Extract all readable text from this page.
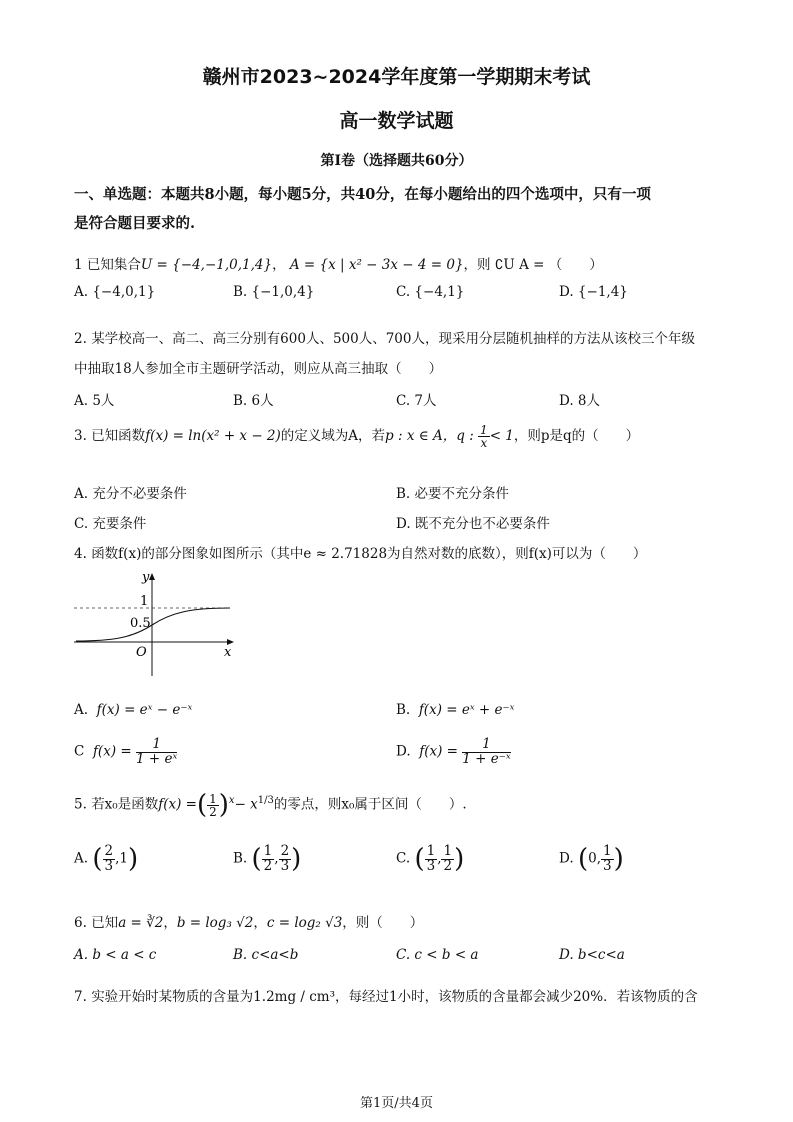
赣州市2023~2024学年度第一学期期末考试
高一数学试题
第Ⅰ卷（选择题共60分）
一、单选题：本题共8小题，每小题5分，共40分，在每小题给出的四个选项中，只有一项
是符合题目要求的.
1 已知集合U = {−4,−1,0,1,4}， A = {x | x² − 3x − 4 = 0}，则 ∁U A = （　　）
A. {−4,0,1}	B. {−1,0,4}	C. {−4,1}	D. {−1,4}
2. 某学校高一、高二、高三分别有600人、500人、700人，现采用分层随机抽样的方法从该校三个年级
中抽取18人参加全市主题研学活动，则应从高三抽取（　　）
A. 5人	B. 6人	C. 7人	D. 8人
3. 已知函数f(x) = ln(x² + x − 2)的定义域为A，若p : x ∈ A，q : $\frac{1}{x} < 1$，则p是q的（　　）
A. 充分不必要条件	B. 必要不充分条件
C. 充要条件	D. 既不充分也不必要条件
4. 函数f(x)的部分图象如图所示（其中e ≈ 2.71828为自然对数的底数），则f(x)可以为（　　）
y
x
O
1
0.5
A. f(x) = eˣ − e⁻ˣ	B. f(x) = eˣ + e⁻ˣ
C $f(x) = \frac{1}{\text{1 + eˣ}}$	D. $f(x) = \frac{1}{\text{1 + e⁻ˣ}}$
5. 若x₀是函数f(x) =( $\frac{1}{2} )^x- x^{1/3}$的零点，则x₀属于区间（　　）.
A. ( $\frac{2}{3} ,1$)	B. ( $\frac{1}{2}$ , $\frac{2}{3}$ )	C. ( $\frac{1}{3}$ , $\frac{1}{2}$ )	D. (0, $\frac{1}{3}$ )
6. 已知a = ∛2，b = log₃ √2，c = log₂ √3，则（　　）
A. b < a < c	B. c<a<b	C. c < b < a	D. b<c<a
7. 实验开始时某物质的含量为1.2mg / cm³，每经过1小时，该物质的含量都会减少20%．若该物质的含
第1页/共4页
